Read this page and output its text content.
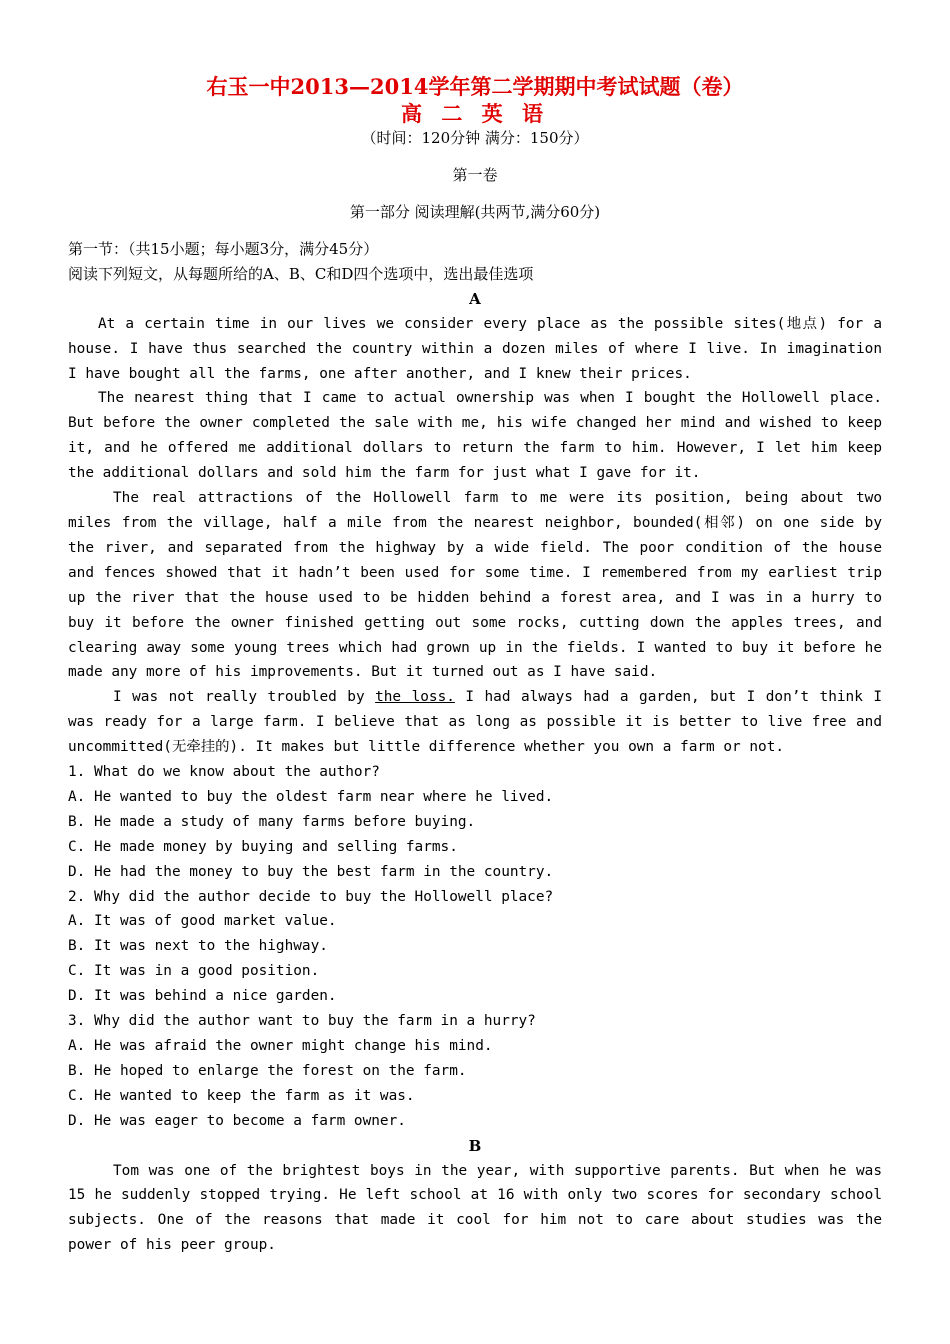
右玉一中2013—2014学年第二学期期中考试试题（卷）
高 二 英 语
（时间：120分钟 满分：150分）
第一卷
第一部分 阅读理解(共两节,满分60分)

第一节：（共15小题；每小题3分，满分45分）

阅读下列短文，从每题所给的A、B、C和D四个选项中，选出最佳选项

A

At a certain time in our lives we consider every place as the possible sites(地点) for a house. I have thus searched the country within a dozen miles of where I live. In imagination I have bought all the farms, one after another, and I knew their prices.

The nearest thing that I came to actual ownership was when I bought the Hollowell place. But before the owner completed the sale with me, his wife changed her mind and wished to keep it, and he offered me additional dollars to return the farm to him. However, I let him keep the additional dollars and sold him the farm for just what I gave for it.

The real attractions of the Hollowell farm to me were its position, being about two miles from the village, half a mile from the nearest neighbor, bounded(相邻) on one side by the river, and separated from the highway by a wide field. The poor condition of the house and fences showed that it hadn’t been used for some time. I remembered from my earliest trip up the river that the house used to be hidden behind a forest area, and I was in a hurry to buy it before the owner finished getting out some rocks, cutting down the apples trees, and clearing away some young trees which had grown up in the fields. I wanted to buy it before he made any more of his improvements. But it turned out as I have said.

I was not really troubled by the loss. I had always had a garden, but I don’t think I was ready for a large farm. I believe that as long as possible it is better to live free and uncommitted(无牵挂的). It makes but little difference whether you own a farm or not.

1. What do we know about the author?

A. He wanted to buy the oldest farm near where he lived.

B. He made a study of many farms before buying.

C. He made money by buying and selling farms.

D. He had the money to buy the best farm in the country.

2. Why did the author decide to buy the Hollowell place?

A. It was of good market value.

B. It was next to the highway.

C. It was in a good position.

D. It was behind a nice garden.

3. Why did the author want to buy the farm in a hurry?

A. He was afraid the owner might change his mind.

B. He hoped to enlarge the forest on the farm.

C. He wanted to keep the farm as it was.

D. He was eager to become a farm owner.

B

Tom was one of the brightest boys in the year, with supportive parents. But when he was 15 he suddenly stopped trying. He left school at 16 with only two scores for secondary school subjects. One of the reasons that made it cool for him not to care about studies was the power of his peer group.
